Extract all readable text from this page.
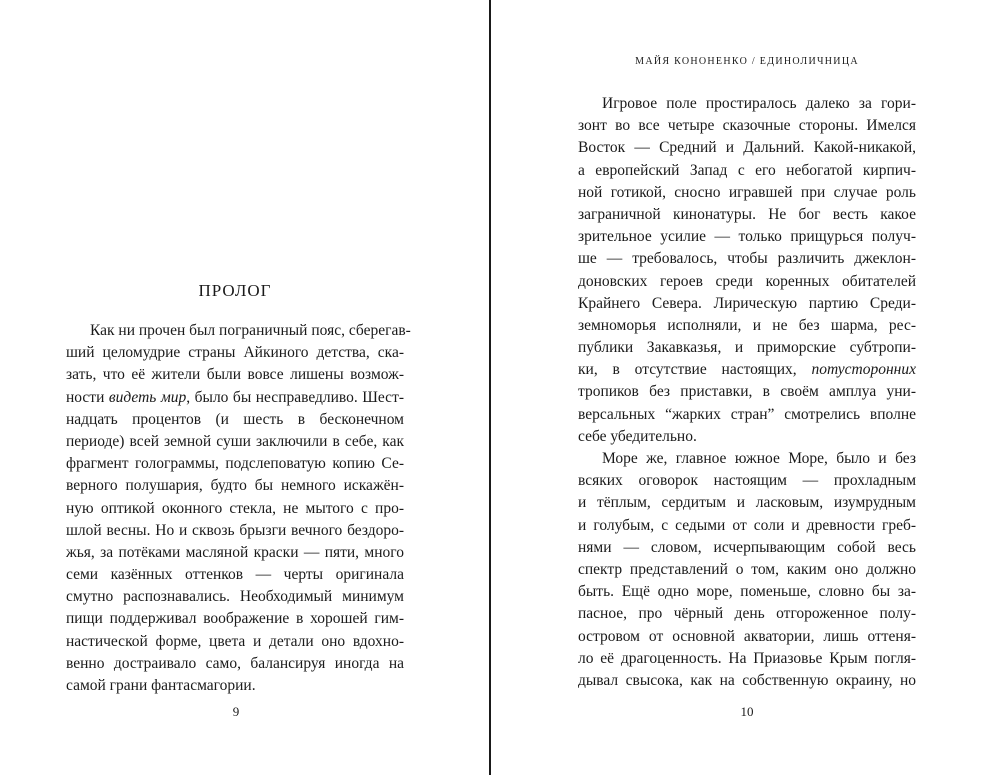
ПРОЛОГ
Как ни прочен был пограничный пояс, сберегав-
ший целомудрие страны Айкиного детства, ска-
зать, что её жители были вовсе лишены возмож-
ности видеть мир, было бы несправедливо. Шест-
надцать процентов (и шесть в бесконечном
периоде) всей земной суши заключили в себе, как
фрагмент голограммы, подслеповатую копию Се-
верного полушария, будто бы немного искажён-
ную оптикой оконного стекла, не мытого с про-
шлой весны. Но и сквозь брызги вечного бездоро-
жья, за потёками масляной краски — пяти, много
семи казённых оттенков — черты оригинала
смутно распознавались. Необходимый минимум
пищи поддерживал воображение в хорошей гим-
настической форме, цвета и детали оно вдохно-
венно достраивало само, балансируя иногда на
самой грани фантасмагории.

9

МАЙЯ КОНОНЕНКО / ЕДИНОЛИЧНИЦА

Игровое поле простиралось далеко за гори-
зонт во все четыре сказочные стороны. Имелся
Восток — Средний и Дальний. Какой-никакой,
а европейский Запад с его небогатой кирпич-
ной готикой, сносно игравшей при случае роль
заграничной кинонатуры. Не бог весть какое
зрительное усилие — только прищурься получ-
ше — требовалось, чтобы различить джеклон-
доновских героев среди коренных обитателей
Крайнего Севера. Лирическую партию Среди-
земноморья исполняли, и не без шарма, рес-
публики Закавказья, и приморские субтропи-
ки, в отсутствие настоящих, потусторонних
тропиков без приставки, в своём амплуа уни-
версальных “жарких стран” смотрелись вполне
себе убедительно.
Море же, главное южное Море, было и без
всяких оговорок настоящим — прохладным
и тёплым, сердитым и ласковым, изумрудным
и голубым, с седыми от соли и древности греб-
нями — словом, исчерпывающим собой весь
спектр представлений о том, каким оно должно
быть. Ещё одно море, поменьше, словно бы за-
пасное, про чёрный день отгороженное полу-
островом от основной акватории, лишь оттеня-
ло её драгоценность. На Приазовье Крым погля-
дывал свысока, как на собственную окраину, но

10
